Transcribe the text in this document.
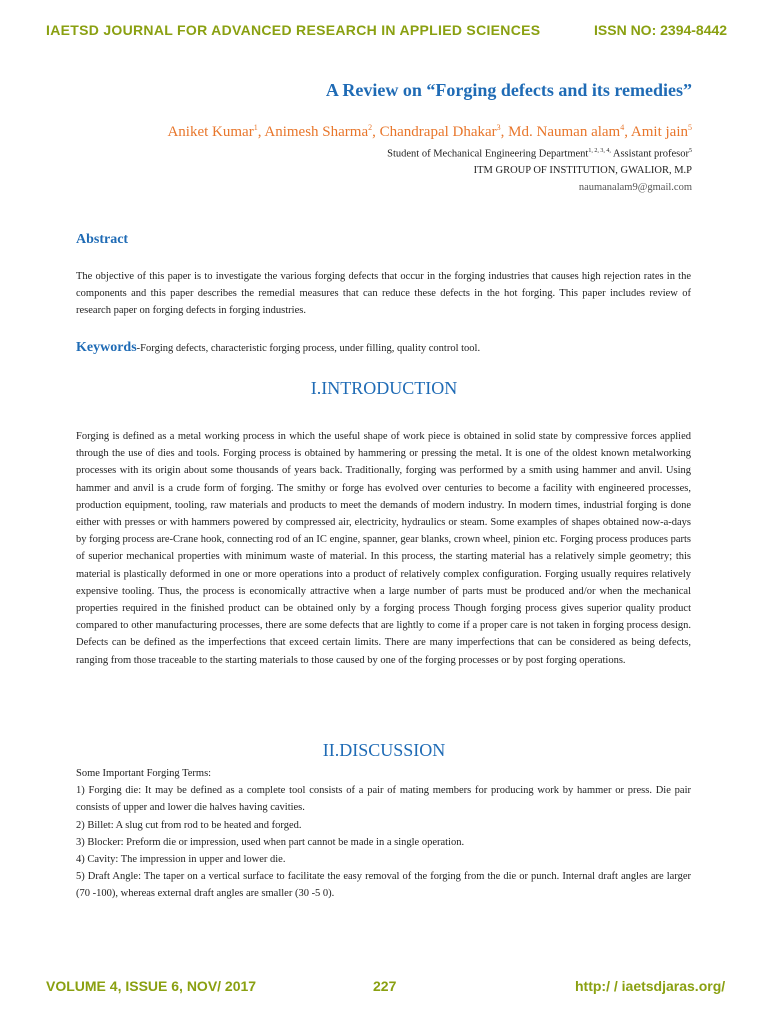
IAETSD JOURNAL FOR ADVANCED RESEARCH IN APPLIED SCIENCES	ISSN NO: 2394-8442
A Review on “Forging defects and its remedies”
Aniket Kumar$^1$, Animesh Sharma$^2$, Chandrapal Dhakar$^3$, Md. Nauman alam$^4$, Amit jain$^5$
Student of Mechanical Engineering Department$^{1, 2, 3, 4,}$ Assistant profesor$^5$
ITM GROUP OF INSTITUTION, GWALIOR, M.P
naumanalam9@gmail.com
Abstract
The objective of this paper is to investigate the various forging defects that occur in the forging industries that causes high rejection rates in the components and this paper describes the remedial measures that can reduce these defects in the hot forging. This paper includes review of research paper on forging defects in forging industries.
Keywords-Forging defects, characteristic forging process, under filling, quality control tool.
I.INTRODUCTION
Forging is defined as a metal working process in which the useful shape of work piece is obtained in solid state by compressive forces applied through the use of dies and tools. Forging process is obtained by hammering or pressing the metal. It is one of the oldest known metalworking processes with its origin about some thousands of years back. Traditionally, forging was performed by a smith using hammer and anvil. Using hammer and anvil is a crude form of forging. The smithy or forge has evolved over centuries to become a facility with engineered processes, production equipment, tooling, raw materials and products to meet the demands of modern industry. In modern times, industrial forging is done either with presses or with hammers powered by compressed air, electricity, hydraulics or steam. Some examples of shapes obtained now-a-days by forging process are-Crane hook, connecting rod of an IC engine, spanner, gear blanks, crown wheel, pinion etc. Forging process produces parts of superior mechanical properties with minimum waste of material. In this process, the starting material has a relatively simple geometry; this material is plastically deformed in one or more operations into a product of relatively complex configuration. Forging usually requires relatively expensive tooling. Thus, the process is economically attractive when a large number of parts must be produced and/or when the mechanical properties required in the finished product can be obtained only by a forging process Though forging process gives superior quality product compared to other manufacturing processes, there are some defects that are lightly to come if a proper care is not taken in forging process design. Defects can be defined as the imperfections that exceed certain limits. There are many imperfections that can be considered as being defects, ranging from those traceable to the starting materials to those caused by one of the forging processes or by post forging operations.
II.DISCUSSION
Some Important Forging Terms:
1) Forging die: It may be defined as a complete tool consists of a pair of mating members for producing work by hammer or press. Die pair consists of upper and lower die halves having cavities.
2) Billet: A slug cut from rod to be heated and forged.
3) Blocker: Preform die or impression, used when part cannot be made in a single operation.
4) Cavity: The impression in upper and lower die.
5) Draft Angle: The taper on a vertical surface to facilitate the easy removal of the forging from the die or punch. Internal draft angles are larger (70 -100), whereas external draft angles are smaller (30 -5 0).
VOLUME 4, ISSUE 6, NOV/ 2017	227	http:/ / iaetsdjaras.org/
